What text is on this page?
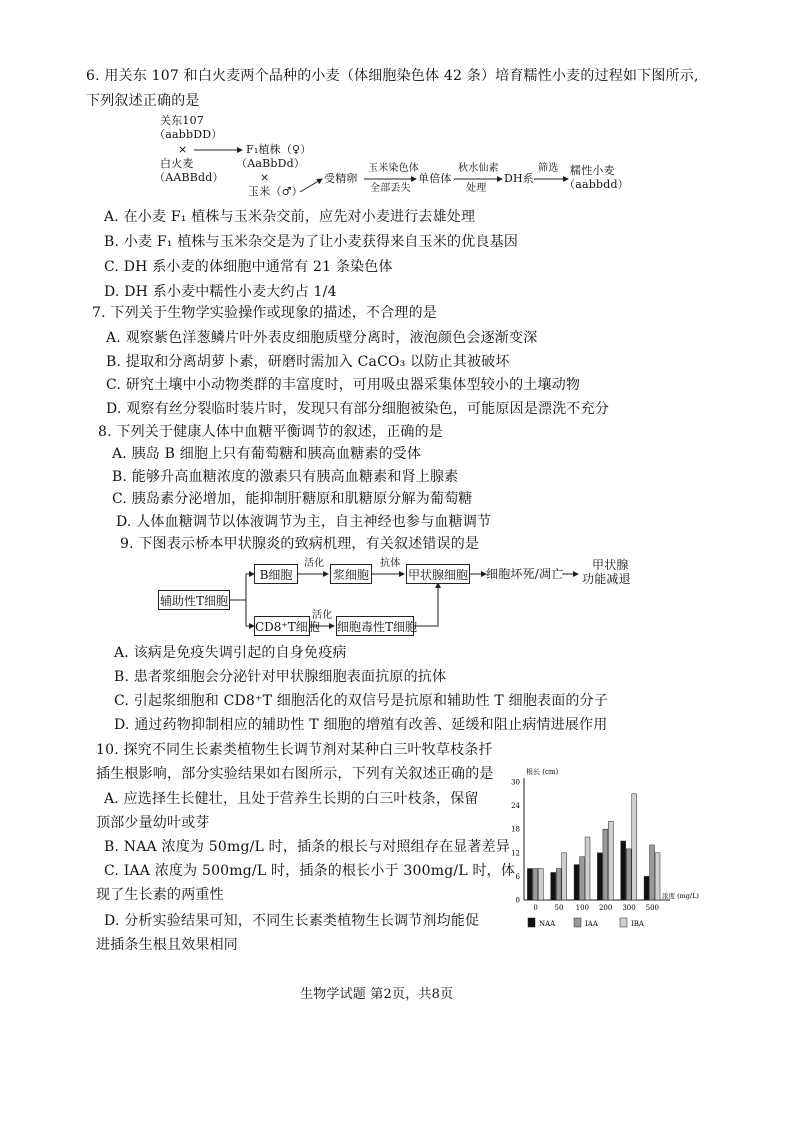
6. 用关东 107 和白火麦两个品种的小麦（体细胞染色体 42 条）培育糯性小麦的过程如下图所示,
下列叙述正确的是
关东107
（aabbDD）
×
白火麦
（AABBdd）
F₁植株（♀）
（AaBbDd）
×
玉米（♂）
受精卵
玉米染色体
全部丢失
单倍体
秋水仙素
处理
DH系
筛选 糯性小麦
（aabbdd）
A. 在小麦 F₁ 植株与玉米杂交前，应先对小麦进行去雄处理
B. 小麦 F₁ 植株与玉米杂交是为了让小麦获得来自玉米的优良基因
C. DH 系小麦的体细胞中通常有 21 条染色体
D. DH 系小麦中糯性小麦大约占 1/4
7. 下列关于生物学实验操作或现象的描述，不合理的是
A. 观察紫色洋葱鳞片叶外表皮细胞质壁分离时，液泡颜色会逐渐变深
B. 提取和分离胡萝卜素，研磨时需加入 CaCO₃ 以防止其被破坏
C. 研究土壤中小动物类群的丰富度时，可用吸虫器采集体型较小的土壤动物
D. 观察有丝分裂临时装片时，发现只有部分细胞被染色，可能原因是漂洗不充分
8. 下列关于健康人体中血糖平衡调节的叙述，正确的是
A. 胰岛 B 细胞上只有葡萄糖和胰高血糖素的受体
B. 能够升高血糖浓度的激素只有胰高血糖素和肾上腺素
C. 胰岛素分泌增加，能抑制肝糖原和肌糖原分解为葡萄糖
D. 人体血糖调节以体液调节为主，自主神经也参与血糖调节
9. 下图表示桥本甲状腺炎的致病机理，有关叙述错误的是
辅助性T细胞
B细胞
活化
浆细胞
抗体
甲状腺细胞 细胞坏死/凋亡
甲状腺
功能减退
CD8⁺T细胞
活化
细胞毒性T细胞
A. 该病是免疫失调引起的自身免疫病
B. 患者浆细胞会分泌针对甲状腺细胞表面抗原的抗体
C. 引起浆细胞和 CD8⁺T 细胞活化的双信号是抗原和辅助性 T 细胞表面的分子
D. 通过药物抑制相应的辅助性 T 细胞的增殖有改善、延缓和阻止病情进展作用
10. 探究不同生长素类植物生长调节剂对某种白三叶牧草枝条扦
插生根影响，部分实验结果如右图所示，下列有关叙述正确的是
A. 应选择生长健壮，且处于营养生长期的白三叶枝条，保留
顶部少量幼叶或芽
B. NAA 浓度为 50mg/L 时，插条的根长与对照组存在显著差异
C. IAA 浓度为 500mg/L 时，插条的根长小于 300mg/L 时，体
现了生长素的两重性
D. 分析实验结果可知，不同生长素类植物生长调节剂均能促
进插条生根且效果相同
根长 (cm)
0
6
12
18
24
30
0 50 100 200 300 500
浓度 (mg/L)
NAA	IAA	IBA
生物学试题 第2页，共8页
